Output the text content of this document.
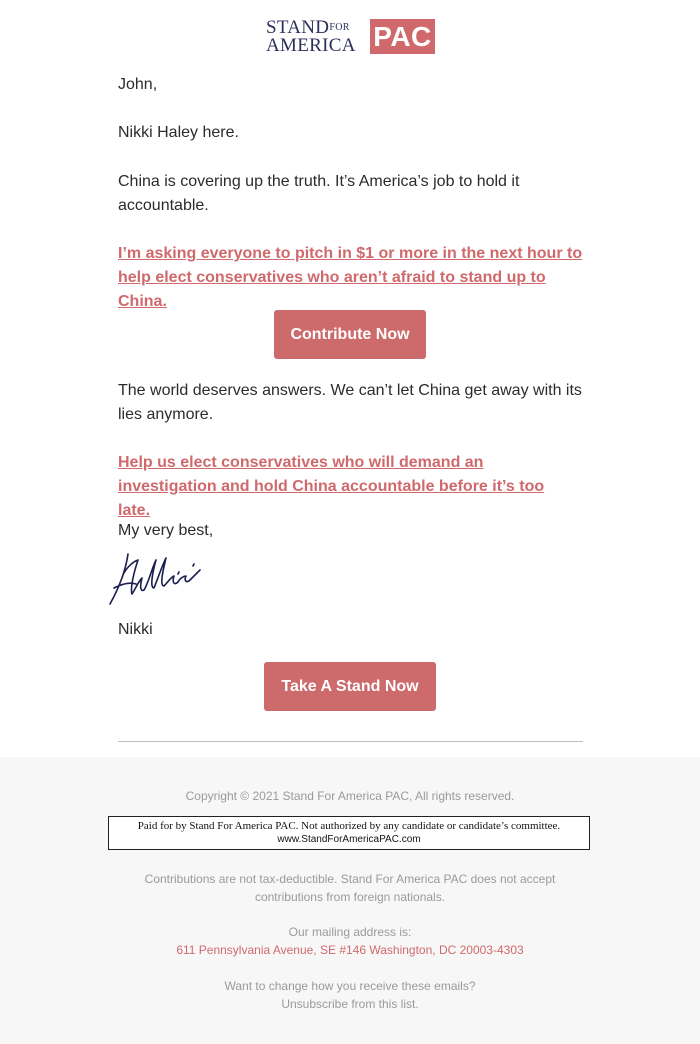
$STAND^{FOR}$
AMERICA PAC

John,

Nikki Haley here.

China is covering up the truth. It’s America’s job to hold it accountable.

I’m asking everyone to pitch in $1 or more in the next hour to help elect conservatives who aren’t afraid to stand up to China.

Contribute Now

The world deserves answers. We can’t let China get away with its lies anymore.

Help us elect conservatives who will demand an investigation and hold China accountable before it’s too late.

My very best,

Nikki

Take A Stand Now

Copyright © 2021 Stand For America PAC, All rights reserved.

Paid for by Stand For America PAC. Not authorized by any candidate or candidate’s committee.
www.StandForAmericaPAC.com

Contributions are not tax-deductible. Stand For America PAC does not accept

contributions from foreign nationals.

Our mailing address is:

611 Pennsylvania Avenue, SE #146 Washington, DC 20003-4303

Want to change how you receive these emails?

Unsubscribe from this list.
